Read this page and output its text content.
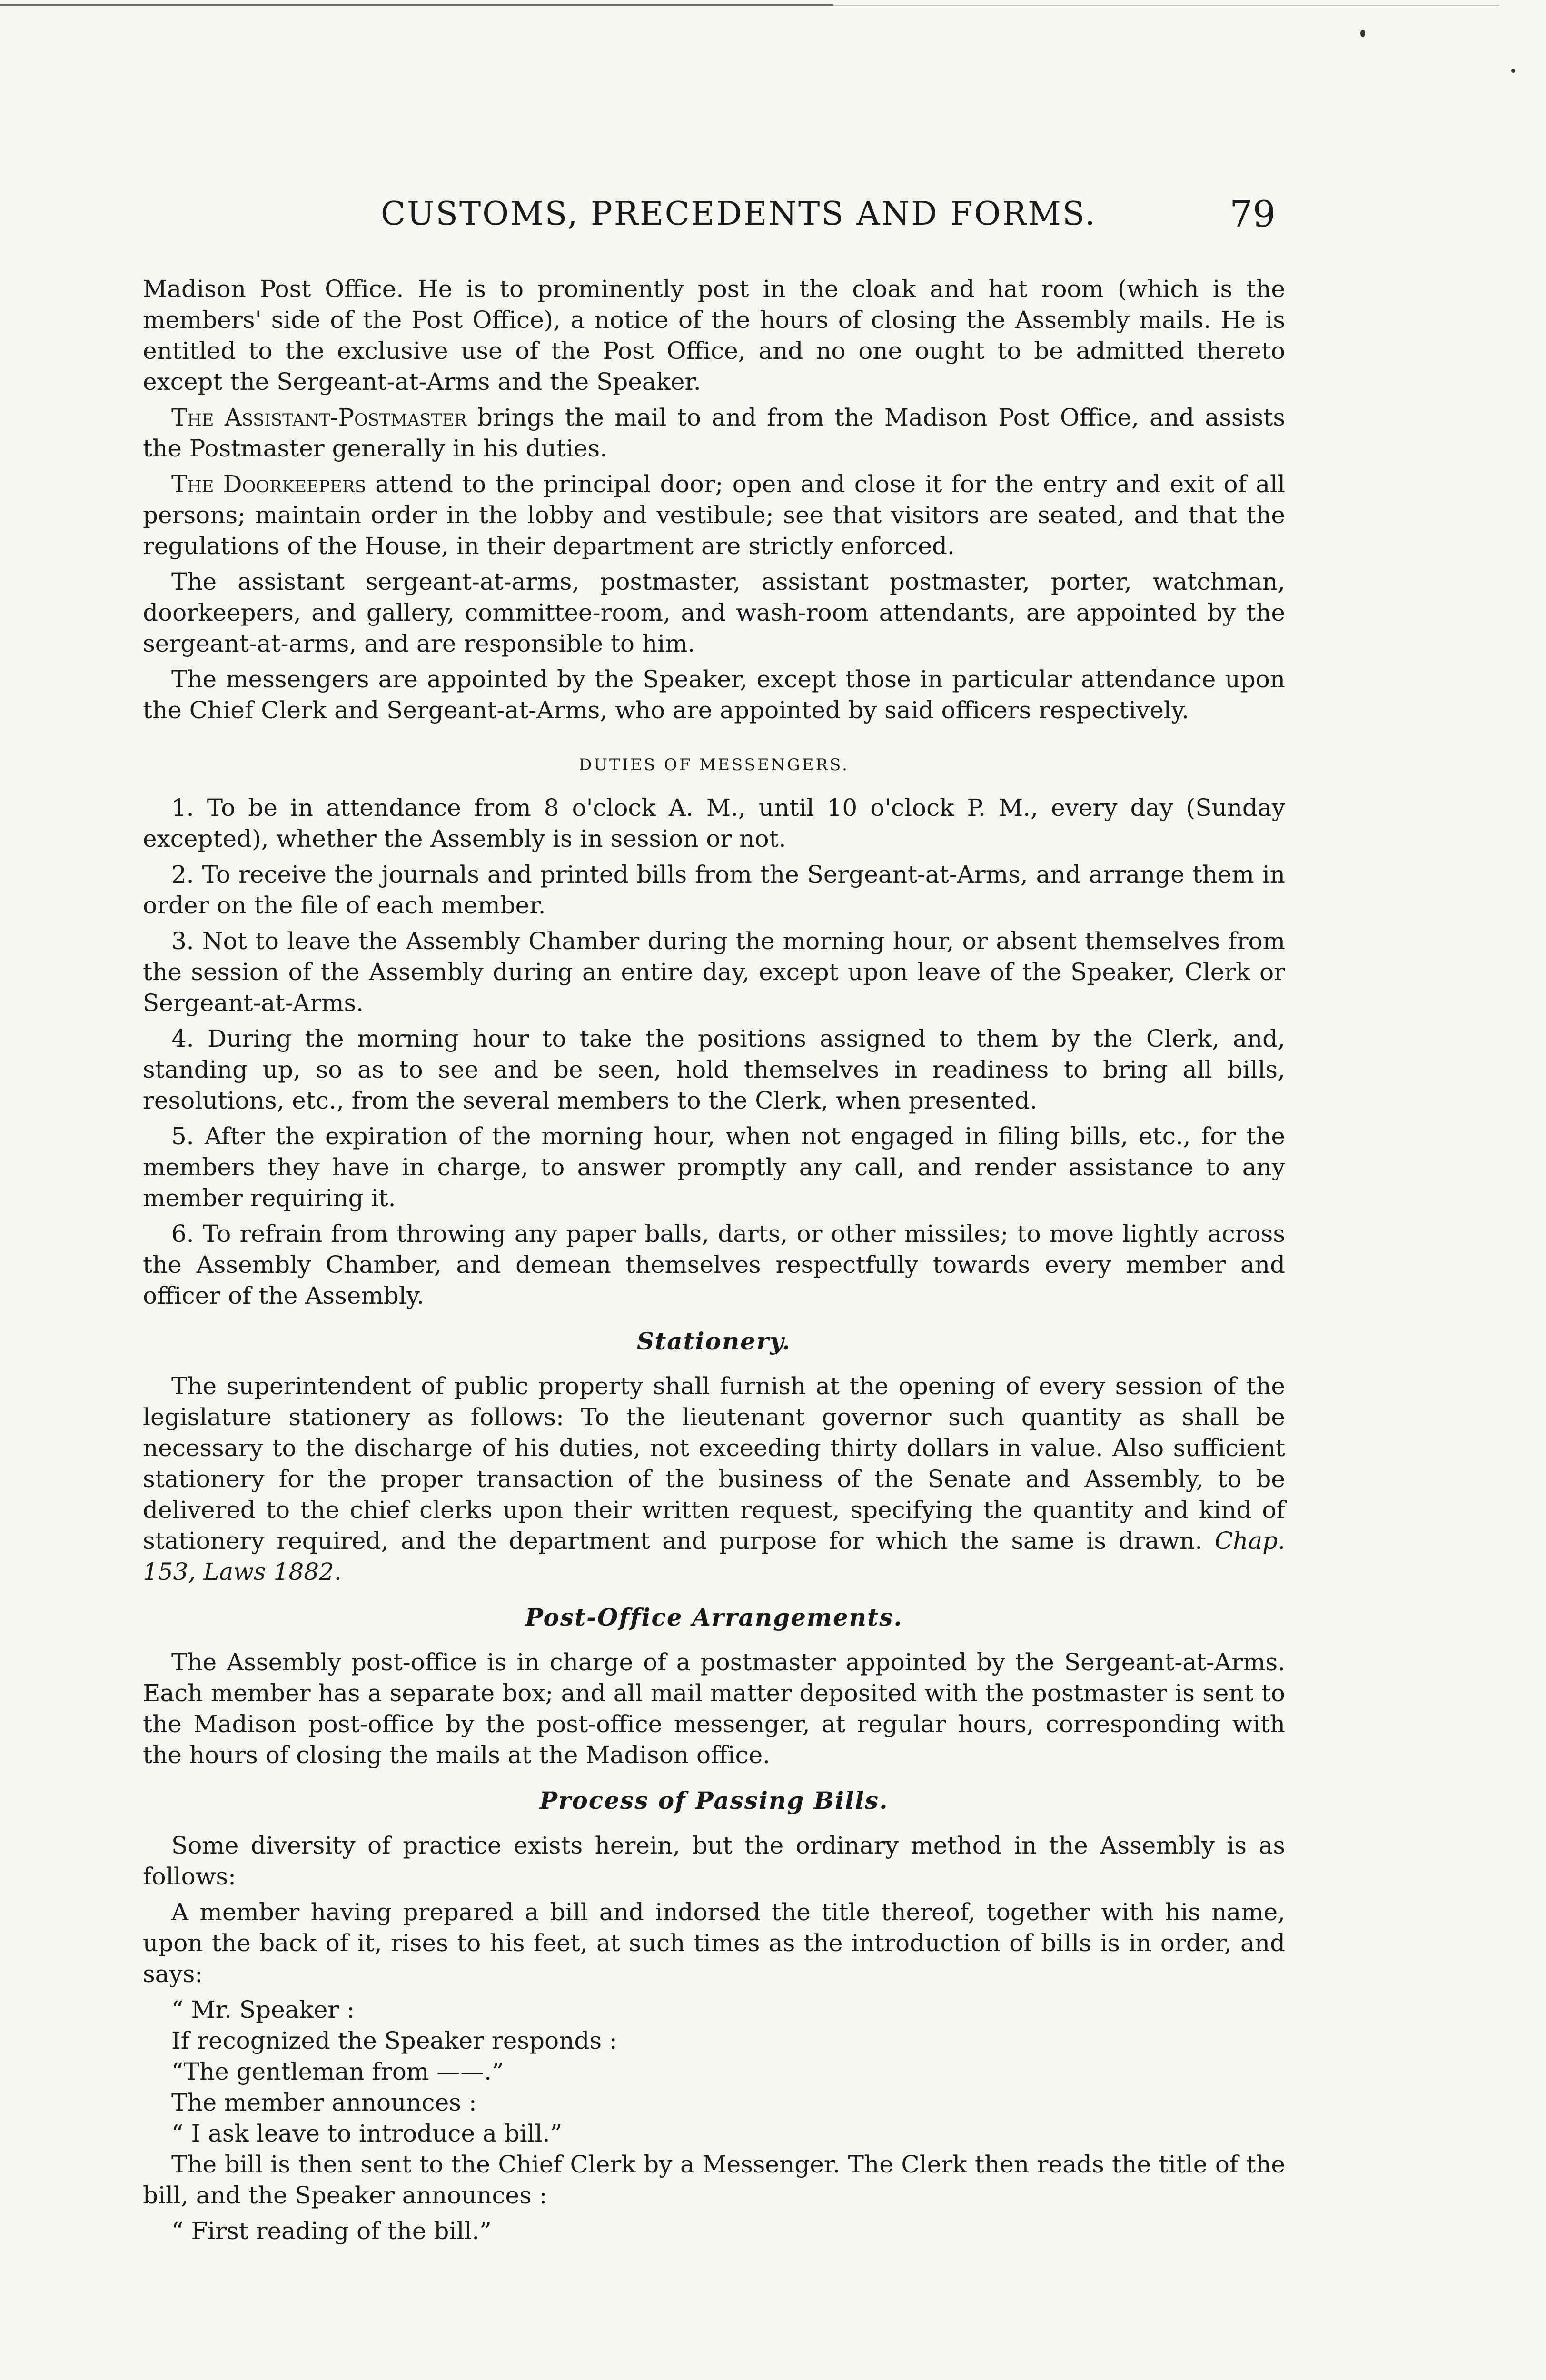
CUSTOMS, PRECEDENTS AND FORMS.	79

Madison Post Office. He is to prominently post in the cloak and hat room (which is the members' side of the Post Office), a notice of the hours of closing the Assembly mails. He is entitled to the exclusive use of the Post Office, and no one ought to be admitted thereto except the Sergeant-at-Arms and the Speaker.

The Assistant-Postmaster brings the mail to and from the Madison Post Office, and assists the Postmaster generally in his duties.

The Doorkeepers attend to the principal door; open and close it for the entry and exit of all persons; maintain order in the lobby and vestibule; see that visitors are seated, and that the regulations of the House, in their department are strictly enforced.

The assistant sergeant-at-arms, postmaster, assistant postmaster, porter, watchman, doorkeepers, and gallery, committee-room, and wash-room attendants, are appointed by the sergeant-at-arms, and are responsible to him.

The messengers are appointed by the Speaker, except those in particular attendance upon the Chief Clerk and Sergeant-at-Arms, who are appointed by said officers respectively.

DUTIES OF MESSENGERS.

1. To be in attendance from 8 o'clock A. M., until 10 o'clock P. M., every day (Sunday excepted), whether the Assembly is in session or not.

2. To receive the journals and printed bills from the Sergeant-at-Arms, and arrange them in order on the file of each member.

3. Not to leave the Assembly Chamber during the morning hour, or absent themselves from the session of the Assembly during an entire day, except upon leave of the Speaker, Clerk or Sergeant-at-Arms.

4. During the morning hour to take the positions assigned to them by the Clerk, and, standing up, so as to see and be seen, hold themselves in readiness to bring all bills, resolutions, etc., from the several members to the Clerk, when presented.

5. After the expiration of the morning hour, when not engaged in filing bills, etc., for the members they have in charge, to answer promptly any call, and render assistance to any member requiring it.

6. To refrain from throwing any paper balls, darts, or other missiles; to move lightly across the Assembly Chamber, and demean themselves respectfully towards every member and officer of the Assembly.

Stationery.

The superintendent of public property shall furnish at the opening of every session of the legislature stationery as follows: To the lieutenant governor such quantity as shall be necessary to the discharge of his duties, not exceeding thirty dollars in value. Also sufficient stationery for the proper transaction of the business of the Senate and Assembly, to be delivered to the chief clerks upon their written request, specifying the quantity and kind of stationery required, and the department and purpose for which the same is drawn. Chap. 153, Laws 1882.

Post-Office Arrangements.

The Assembly post-office is in charge of a postmaster appointed by the Sergeant-at-Arms. Each member has a separate box; and all mail matter deposited with the postmaster is sent to the Madison post-office by the post-office messenger, at regular hours, corresponding with the hours of closing the mails at the Madison office.

Process of Passing Bills.

Some diversity of practice exists herein, but the ordinary method in the Assembly is as follows:

A member having prepared a bill and indorsed the title thereof, together with his name, upon the back of it, rises to his feet, at such times as the introduction of bills is in order, and says:

“ Mr. Speaker :
If recognized the Speaker responds :
“The gentleman from ——.”
The member announces :
“ I ask leave to introduce a bill.”

The bill is then sent to the Chief Clerk by a Messenger. The Clerk then reads the title of the bill, and the Speaker announces :

“ First reading of the bill.”
